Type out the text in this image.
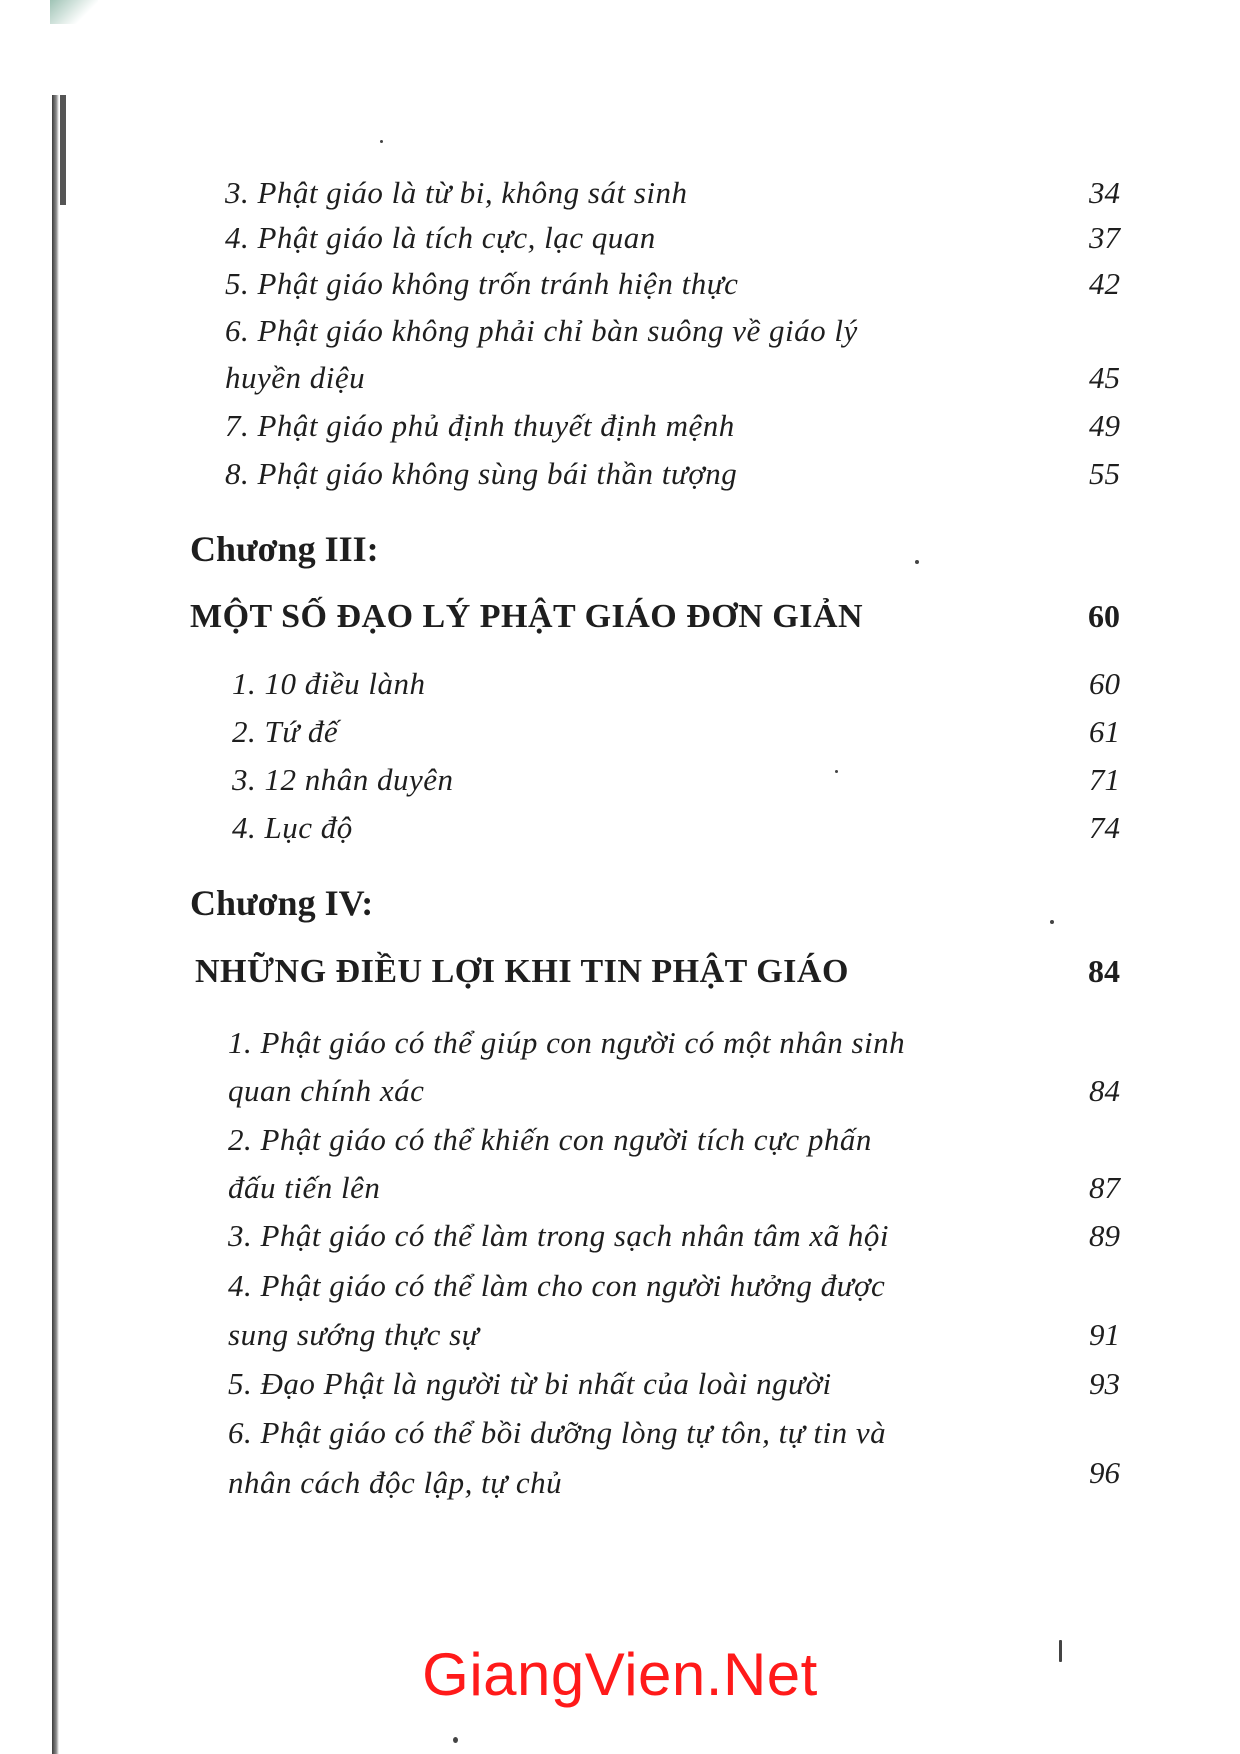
3. Phật giáo là từ bi, không sát sinh	34
4. Phật giáo là tích cực, lạc quan	37
5. Phật giáo không trốn tránh hiện thực	42
6. Phật giáo không phải chỉ bàn suông về giáo lý
huyền diệu	45
7. Phật giáo phủ định thuyết định mệnh	49
8. Phật giáo không sùng bái thần tượng	55
Chương III:
MỘT SỐ ĐẠO LÝ PHẬT GIÁO ĐƠN GIẢN	60
1. 10 điều lành	60
2. Tứ đế	61
3. 12 nhân duyên	71
4. Lục độ	74
Chương IV:
NHỮNG ĐIỀU LỢI KHI TIN PHẬT GIÁO	84
1. Phật giáo có thể giúp con người có một nhân sinh
quan chính xác	84
2. Phật giáo có thể khiến con người tích cực phấn
đấu tiến lên	87
3. Phật giáo có thể làm trong sạch nhân tâm xã hội	89
4. Phật giáo có thể làm cho con người hưởng được
sung sướng thực sự	91
5. Đạo Phật là người từ bi nhất của loài người	93
6. Phật giáo có thể bồi dưỡng lòng tự tôn, tự tin và
nhân cách độc lập, tự chủ	96
GiangVien.Net
